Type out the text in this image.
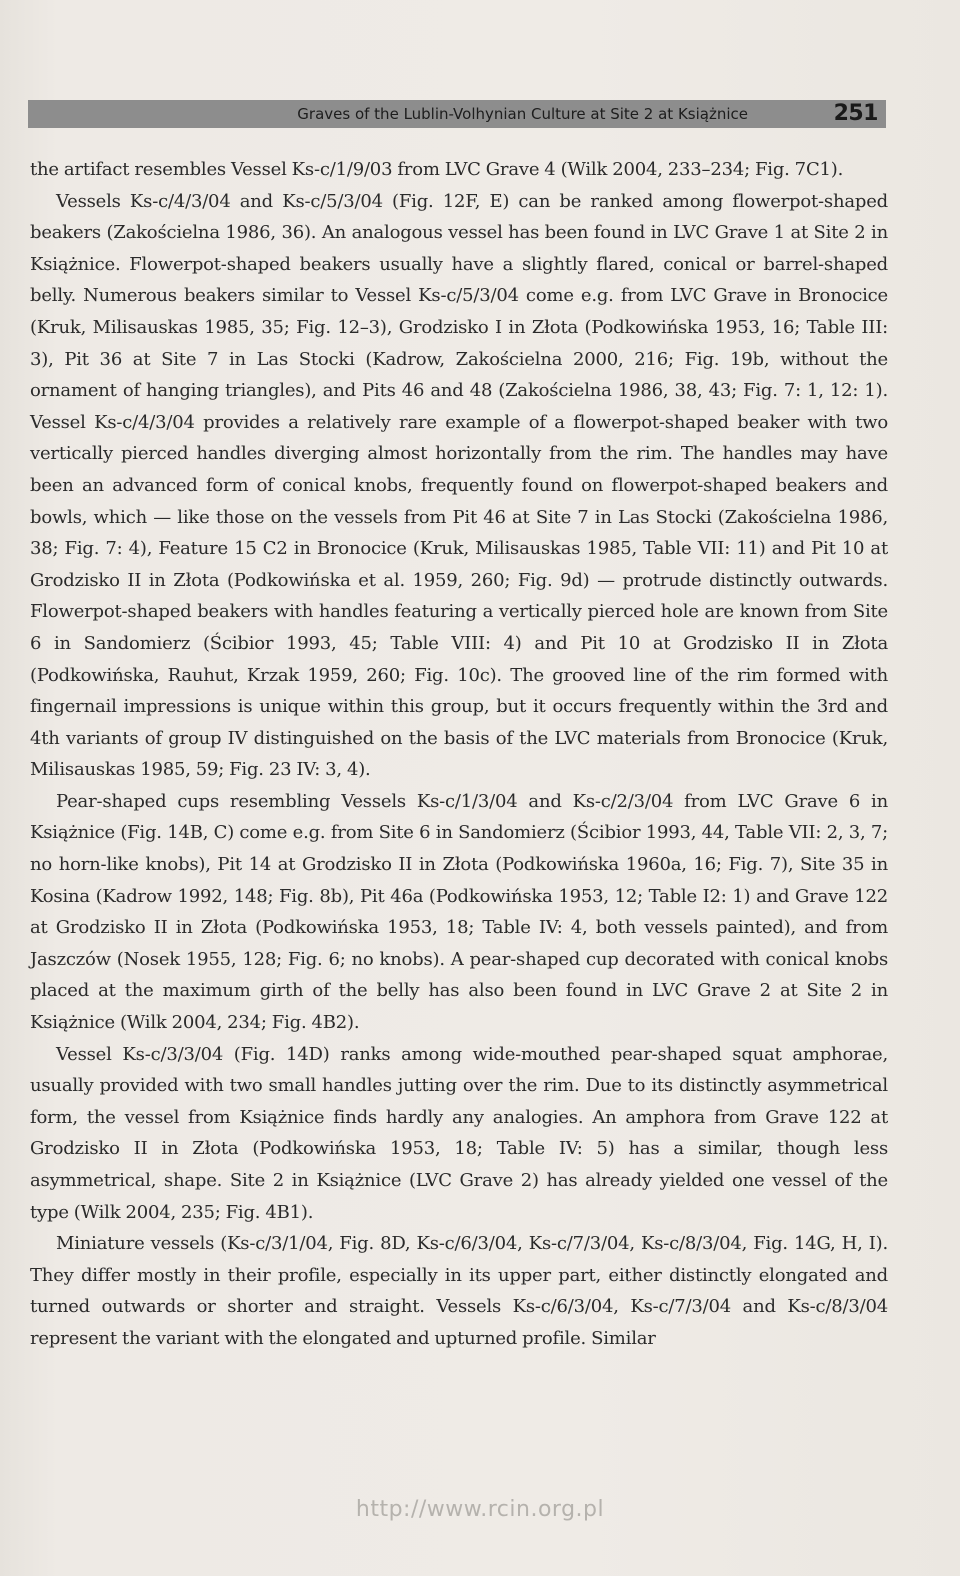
Graves of the Lublin-Volhynian Culture at Site 2 at Książnice	251

the artifact resembles Vessel Ks-c/1/9/03 from LVC Grave 4 (Wilk 2004, 233–234; Fig. 7C1).

Vessels Ks-c/4/3/04 and Ks-c/5/3/04 (Fig. 12F, E) can be ranked among flowerpot-shaped beakers (Zakościelna 1986, 36). An analogous vessel has been found in LVC Grave 1 at Site 2 in Książnice. Flowerpot-shaped beakers usually have a slightly flared, conical or barrel-shaped belly. Numerous beakers similar to Vessel Ks-c/5/3/04 come e.g. from LVC Grave in Bronocice (Kruk, Milisauskas 1985, 35; Fig. 12–3), Grodzisko I in Złota (Podkowińska 1953, 16; Table III: 3), Pit 36 at Site 7 in Las Stocki (Kadrow, Zakościelna 2000, 216; Fig. 19b, without the ornament of hanging triangles), and Pits 46 and 48 (Zakościelna 1986, 38, 43; Fig. 7: 1, 12: 1). Vessel Ks-c/4/3/04 provides a relatively rare example of a flowerpot-shaped beaker with two vertically pierced handles diverging almost horizontally from the rim. The handles may have been an advanced form of conical knobs, frequently found on flowerpot-shaped beakers and bowls, which — like those on the vessels from Pit 46 at Site 7 in Las Stocki (Zakościelna 1986, 38; Fig. 7: 4), Feature 15 C2 in Bronocice (Kruk, Milisauskas 1985, Table VII: 11) and Pit 10 at Grodzisko II in Złota (Podkowińska et al. 1959, 260; Fig. 9d) — protrude distinctly outwards. Flowerpot-shaped beakers with handles featuring a vertically pierced hole are known from Site 6 in Sandomierz (Ścibior 1993, 45; Table VIII: 4) and Pit 10 at Grodzisko II in Złota (Podkowińska, Rauhut, Krzak 1959, 260; Fig. 10c). The grooved line of the rim formed with fingernail impressions is unique within this group, but it occurs frequently within the 3rd and 4th variants of group IV distinguished on the basis of the LVC materials from Bronocice (Kruk, Milisauskas 1985, 59; Fig. 23 IV: 3, 4).

Pear-shaped cups resembling Vessels Ks-c/1/3/04 and Ks-c/2/3/04 from LVC Grave 6 in Książnice (Fig. 14B, C) come e.g. from Site 6 in Sandomierz (Ścibior 1993, 44, Table VII: 2, 3, 7; no horn-like knobs), Pit 14 at Grodzisko II in Złota (Podkowińska 1960a, 16; Fig. 7), Site 35 in Kosina (Kadrow 1992, 148; Fig. 8b), Pit 46a (Podkowińska 1953, 12; Table I2: 1) and Grave 122 at Grodzisko II in Złota (Podkowińska 1953, 18; Table IV: 4, both vessels painted), and from Jaszczów (Nosek 1955, 128; Fig. 6; no knobs). A pear-shaped cup decorated with conical knobs placed at the maximum girth of the belly has also been found in LVC Grave 2 at Site 2 in Książnice (Wilk 2004, 234; Fig. 4B2).

Vessel Ks-c/3/3/04 (Fig. 14D) ranks among wide-mouthed pear-shaped squat amphorae, usually provided with two small handles jutting over the rim. Due to its distinctly asymmetrical form, the vessel from Książnice finds hardly any analogies. An amphora from Grave 122 at Grodzisko II in Złota (Podkowińska 1953, 18; Table IV: 5) has a similar, though less asymmetrical, shape. Site 2 in Książnice (LVC Grave 2) has already yielded one vessel of the type (Wilk 2004, 235; Fig. 4B1).

Miniature vessels (Ks-c/3/1/04, Fig. 8D, Ks-c/6/3/04, Ks-c/7/3/04, Ks-c/8/3/04, Fig. 14G, H, I). They differ mostly in their profile, especially in its upper part, either distinctly elongated and turned outwards or shorter and straight. Vessels Ks-c/6/3/04, Ks-c/7/3/04 and Ks-c/8/3/04 represent the variant with the elongated and upturned profile. Similar

http://www.rcin.org.pl
